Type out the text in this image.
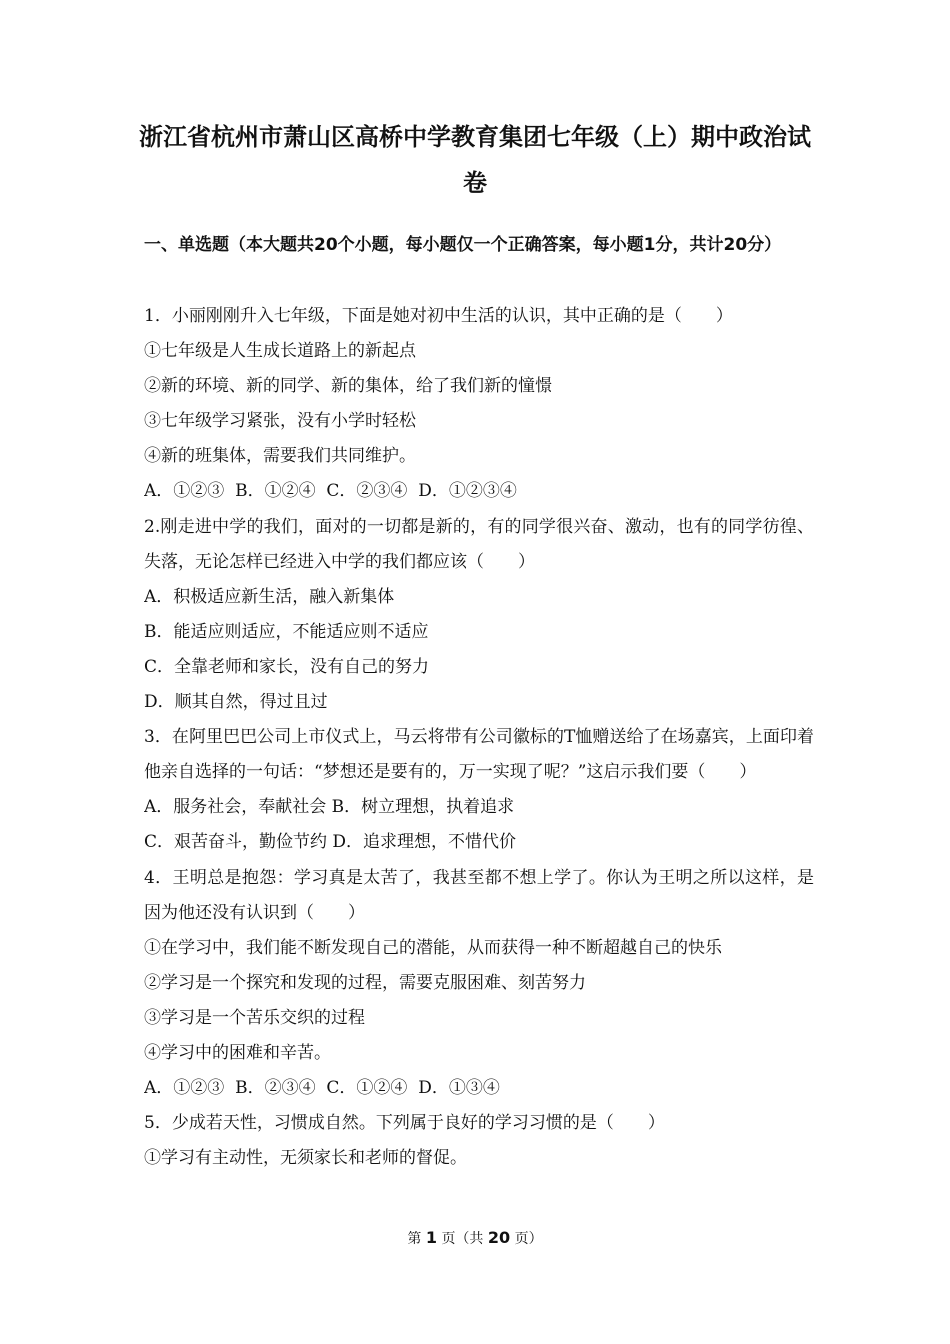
浙江省杭州市萧山区高桥中学教育集团七年级（上）期中政治试卷
一、单选题（本大题共20个小题，每小题仅一个正确答案，每小题1分，共计20分）
1．小丽刚刚升入七年级，下面是她对初中生活的认识，其中正确的是（　　）
①七年级是人生成长道路上的新起点
②新的环境、新的同学、新的集体，给了我们新的憧憬
③七年级学习紧张，没有小学时轻松
④新的班集体，需要我们共同维护。
A．①②③  B．①②④  C．②③④  D．①②③④
2.刚走进中学的我们，面对的一切都是新的，有的同学很兴奋、激动，也有的同学彷徨、失落，无论怎样已经进入中学的我们都应该（　　）
A．积极适应新生活，融入新集体
B．能适应则适应，不能适应则不适应
C．全靠老师和家长，没有自己的努力
D．顺其自然，得过且过
3．在阿里巴巴公司上市仪式上，马云将带有公司徽标的T恤赠送给了在场嘉宾，上面印着他亲自选择的一句话：“梦想还是要有的，万一实现了呢？”这启示我们要（　　）
A．服务社会，奉献社会 B．树立理想，执着追求
C．艰苦奋斗，勤俭节约 D．追求理想，不惜代价
4．王明总是抱怨：学习真是太苦了，我甚至都不想上学了。你认为王明之所以这样，是因为他还没有认识到（　　）
①在学习中，我们能不断发现自己的潜能，从而获得一种不断超越自己的快乐
②学习是一个探究和发现的过程，需要克服困难、刻苦努力
③学习是一个苦乐交织的过程
④学习中的困难和辛苦。
A．①②③  B．②③④  C．①②④  D．①③④
5．少成若天性，习惯成自然。下列属于良好的学习习惯的是（　　）
①学习有主动性，无须家长和老师的督促。
第 1 页（共 20 页）
